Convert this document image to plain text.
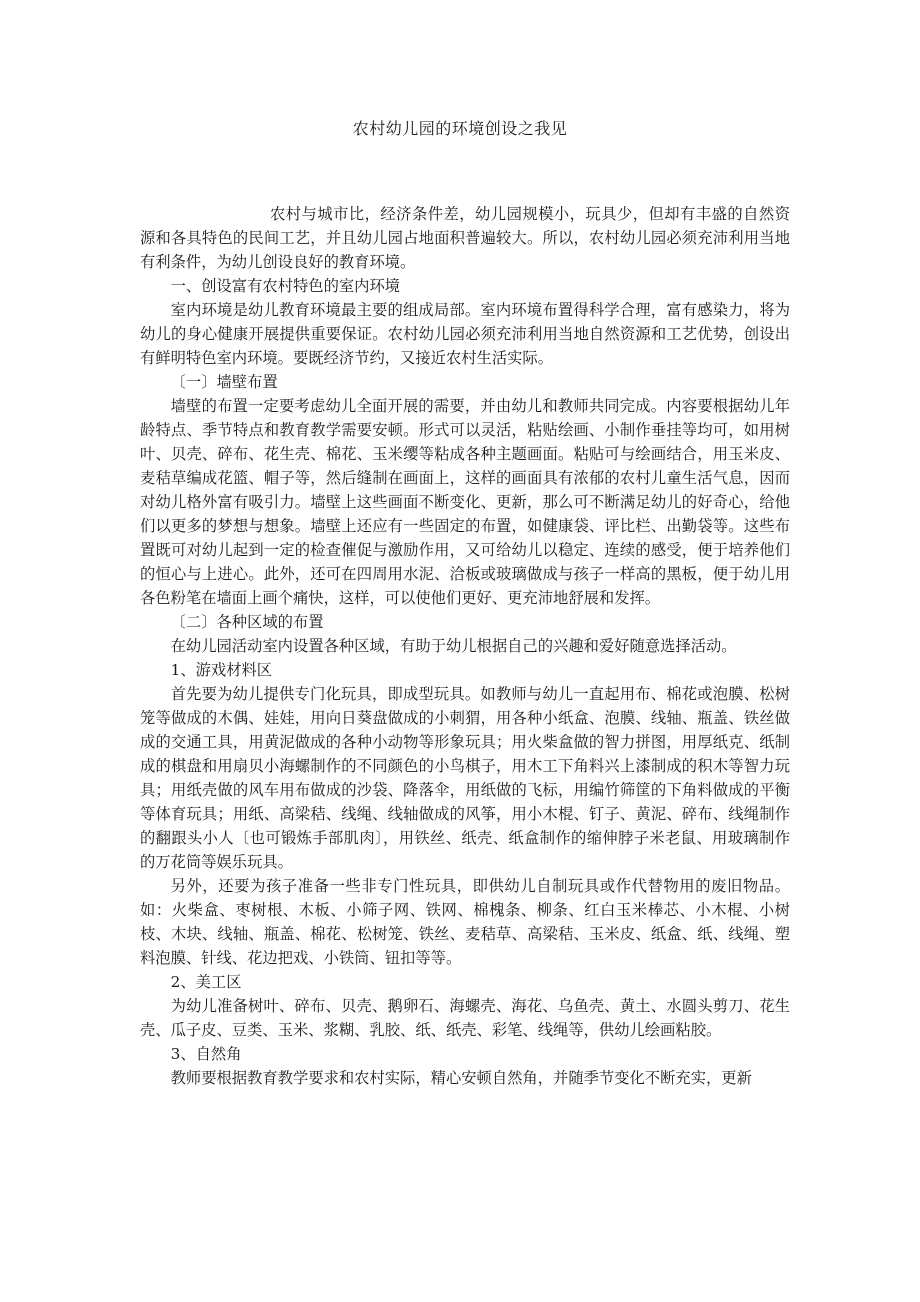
农村幼儿园的环境创设之我见

农村与城市比，经济条件差，幼儿园规模小，玩具少，但却有丰盛的自然资源和各具特色的民间工艺，并且幼儿园占地面积普遍较大。所以，农村幼儿园必须充沛利用当地有利条件，为幼儿创设良好的教育环境。

一、创设富有农村特色的室内环境

室内环境是幼儿教育环境最主要的组成局部。室内环境布置得科学合理，富有感染力，将为幼儿的身心健康开展提供重要保证。农村幼儿园必须充沛利用当地自然资源和工艺优势，创设出有鲜明特色室内环境。要既经济节约，又接近农村生活实际。

〔一〕墙壁布置

墙壁的布置一定要考虑幼儿全面开展的需要，并由幼儿和教师共同完成。内容要根据幼儿年龄特点、季节特点和教育教学需要安顿。形式可以灵活，粘贴绘画、小制作垂挂等均可，如用树叶、贝壳、碎布、花生壳、棉花、玉米缨等粘成各种主题画面。粘贴可与绘画结合，用玉米皮、麦秸草编成花篮、帽子等，然后缝制在画面上，这样的画面具有浓郁的农村儿童生活气息，因而对幼儿格外富有吸引力。墙壁上这些画面不断变化、更新，那么可不断满足幼儿的好奇心，给他们以更多的梦想与想象。墙壁上还应有一些固定的布置，如健康袋、评比栏、出勤袋等。这些布置既可对幼儿起到一定的检查催促与激励作用，又可给幼儿以稳定、连续的感受，便于培养他们的恒心与上进心。此外，还可在四周用水泥、洽板或玻璃做成与孩子一样高的黑板，便于幼儿用各色粉笔在墙面上画个痛快，这样，可以使他们更好、更充沛地舒展和发挥。

〔二〕各种区域的布置

在幼儿园活动室内设置各种区域，有助于幼儿根据自己的兴趣和爱好随意选择活动。

1、游戏材料区

首先要为幼儿提供专门化玩具，即成型玩具。如教师与幼儿一直起用布、棉花或泡膜、松树笼等做成的木偶、娃娃，用向日葵盘做成的小刺猬，用各种小纸盒、泡膜、线轴、瓶盖、铁丝做成的交通工具，用黄泥做成的各种小动物等形象玩具；用火柴盒做的智力拼图，用厚纸克、纸制成的棋盘和用扇贝小海螺制作的不同颜色的小鸟棋子，用木工下角料兴上漆制成的积木等智力玩具；用纸壳做的风车用布做成的沙袋、降落伞，用纸做的飞标，用编竹筛筐的下角料做成的平衡等体育玩具；用纸、高梁秸、线绳、线轴做成的风筝，用小木棍、钉子、黄泥、碎布、线绳制作的翻跟头小人〔也可锻炼手部肌肉〕，用铁丝、纸壳、纸盒制作的缩伸脖子米老鼠、用玻璃制作的万花筒等娱乐玩具。

另外，还要为孩子准备一些非专门性玩具，即供幼儿自制玩具或作代替物用的废旧物品。如：火柴盒、枣树根、木板、小筛子网、铁网、棉槐条、柳条、红白玉米棒芯、小木棍、小树枝、木块、线轴、瓶盖、棉花、松树笼、铁丝、麦秸草、高梁秸、玉米皮、纸盒、纸、线绳、塑料泡膜、针线、花边把戏、小铁筒、钮扣等等。

2、美工区

为幼儿准备树叶、碎布、贝壳、鹅卵石、海螺壳、海花、乌鱼壳、黄土、水圆头剪刀、花生壳、瓜子皮、豆类、玉米、浆糊、乳胶、纸、纸壳、彩笔、线绳等，供幼儿绘画粘胶。

3、自然角

教师要根据教育教学要求和农村实际，精心安顿自然角，并随季节变化不断充实，更新
